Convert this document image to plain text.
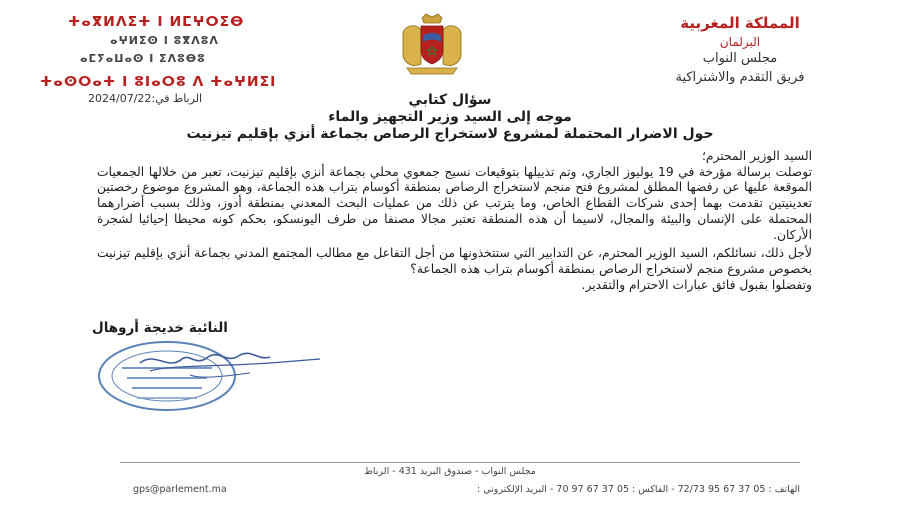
المملكة المغربية
البرلمان
مجلس النواب
فريق التقدم والاشتراكية
ⵜⴰⴳⵍⴷⵉⵜ ⵏ ⵍⵎⵖⵔⵉⴱ
ⴰⵖⵍⵉⵙ ⵏ ⵓⴳⴷⵓⴷ
ⴰⵎⵢⴰⵡⴰⵙ ⵏ ⵉⴷⵓⴱⵓ
ⵜⴰⵙⵔⴰⵜ ⵏ ⵓⵏⴰⵔⵓ ⴷ ⵜⴰⵖⵍⵉⵏ
الرباط في:2024/07/22	سؤال كتابي
موجه إلى السيد وزير التجهيز والماء
حول الاضرار المحتملة لمشروع لاستخراج الرصاص بجماعة أنزي بإقليم تيزنيت

السيد الوزير المحترم؛

توصلت برسالة مؤرخة في 19 يوليوز الجاري، وتم تذييلها بتوقيعات نسيج جمعوي محلي بجماعة أنزي بإقليم تيزنيت، تعبر من خلالها الجمعيات الموقعة عليها عن رفضها المطلق لمشروع فتح منجم لاستخراج الرصاص بمنطقة أكوسام بتراب هذه الجماعة، وهو المشروع موضوع رخصتين تعدينيتين تقدمت بهما إحدى شركات القطاع الخاص، وما يترتب عن ذلك من عمليات البحث المعدني بمنطقة أدوز، وذلك بسبب أضرارهما المحتملة على الإنسان والبيئة والمجال، لاسيما أن هذه المنطقة تعتبر مجالا مصنفا من طرف اليونسكو، بحكم كونه محيطا إحيائيا لشجرة الأركان.

لأجل ذلك، نسائلكم، السيد الوزير المحترم، عن التدابير التي ستتخذونها من أجل التفاعل مع مطالب المجتمع المدني بجماعة أنزي بإقليم تيزنيت بخصوص مشروع منجم لاستخراج الرصاص بمنطقة أكوسام بتراب هذه الجماعة؟

وتفضلوا بقبول فائق عبارات الاحترام والتقدير.

النائبة خديجة أروهال
مجلس النواب - صندوق البريد 431 - الرباط
الهاتف : 05 37 67 95 72/73 - الفاكس : 05 37 67 97 70 - البريد الإلكتروني :
gps@parlement.ma
